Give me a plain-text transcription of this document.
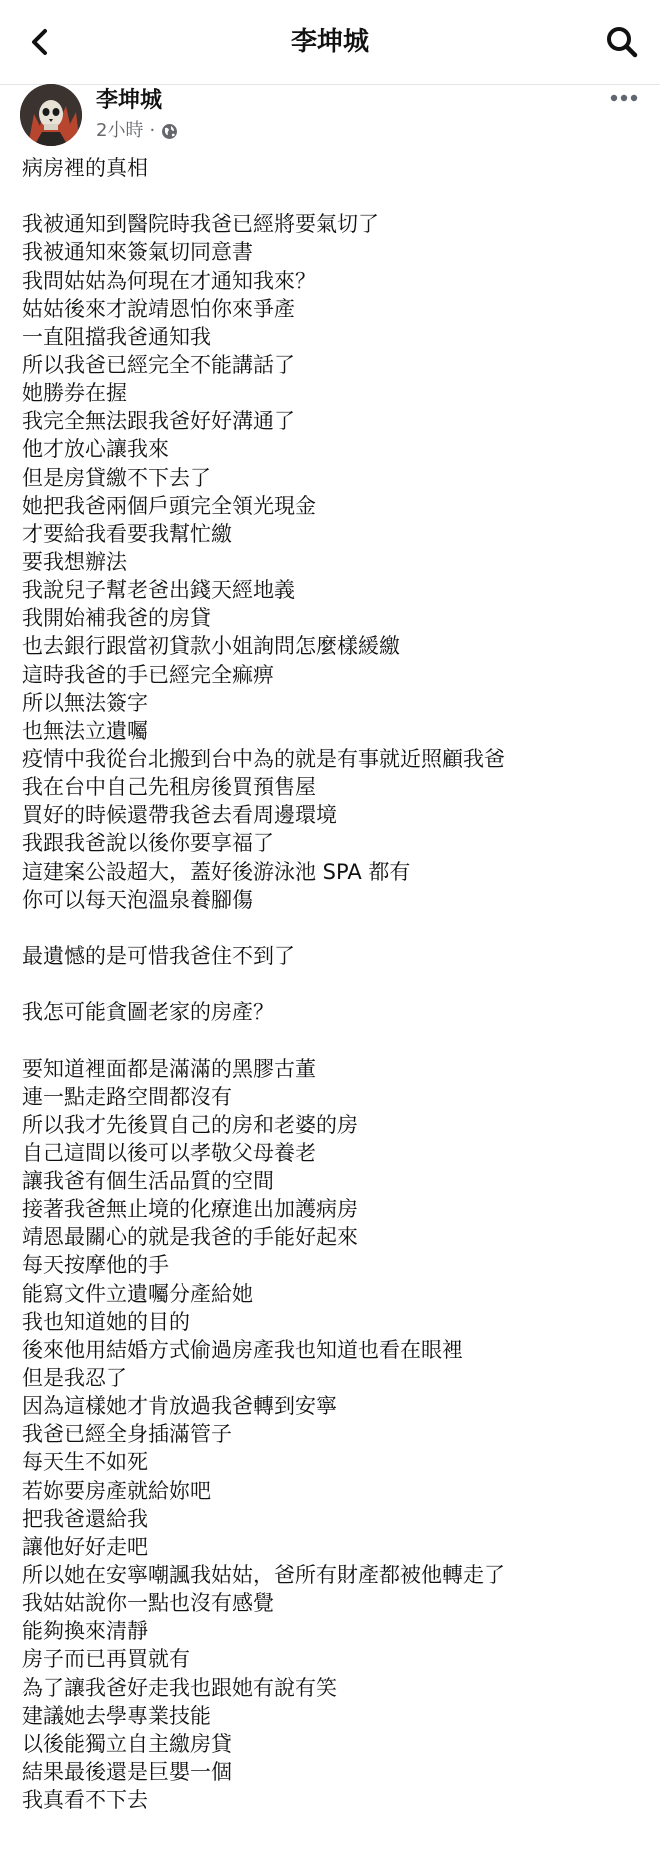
李坤城
李坤城
2小時 ·
病房裡的真相
我被通知到醫院時我爸已經將要氣切了
我被通知來簽氣切同意書
我問姑姑為何現在才通知我來？
姑姑後來才說靖恩怕你來爭產
一直阻擋我爸通知我
所以我爸已經完全不能講話了
她勝券在握
我完全無法跟我爸好好溝通了
他才放心讓我來
但是房貸繳不下去了
她把我爸兩個戶頭完全領光現金
才要給我看要我幫忙繳
要我想辦法
我說兒子幫老爸出錢天經地義
我開始補我爸的房貸
也去銀行跟當初貸款小姐詢問怎麼樣緩繳
這時我爸的手已經完全痲痹
所以無法簽字
也無法立遺囑
疫情中我從台北搬到台中為的就是有事就近照顧我爸
我在台中自己先租房後買預售屋
買好的時候還帶我爸去看周邊環境
我跟我爸說以後你要享福了
這建案公設超大，蓋好後游泳池 SPA 都有
你可以每天泡溫泉養腳傷
最遺憾的是可惜我爸住不到了
我怎可能貪圖老家的房產？
要知道裡面都是滿滿的黑膠古董
連一點走路空間都沒有
所以我才先後買自己的房和老婆的房
自己這間以後可以孝敬父母養老
讓我爸有個生活品質的空間
接著我爸無止境的化療進出加護病房
靖恩最關心的就是我爸的手能好起來
每天按摩他的手
能寫文件立遺囑分產給她
我也知道她的目的
後來他用結婚方式偷過房產我也知道也看在眼裡
但是我忍了
因為這樣她才肯放過我爸轉到安寧
我爸已經全身插滿管子
每天生不如死
若妳要房產就給妳吧
把我爸還給我
讓他好好走吧
所以她在安寧嘲諷我姑姑，爸所有財產都被他轉走了
我姑姑說你一點也沒有感覺
能夠換來清靜
房子而已再買就有
為了讓我爸好走我也跟她有說有笑
建議她去學專業技能
以後能獨立自主繳房貸
結果最後還是巨嬰一個
我真看不下去
